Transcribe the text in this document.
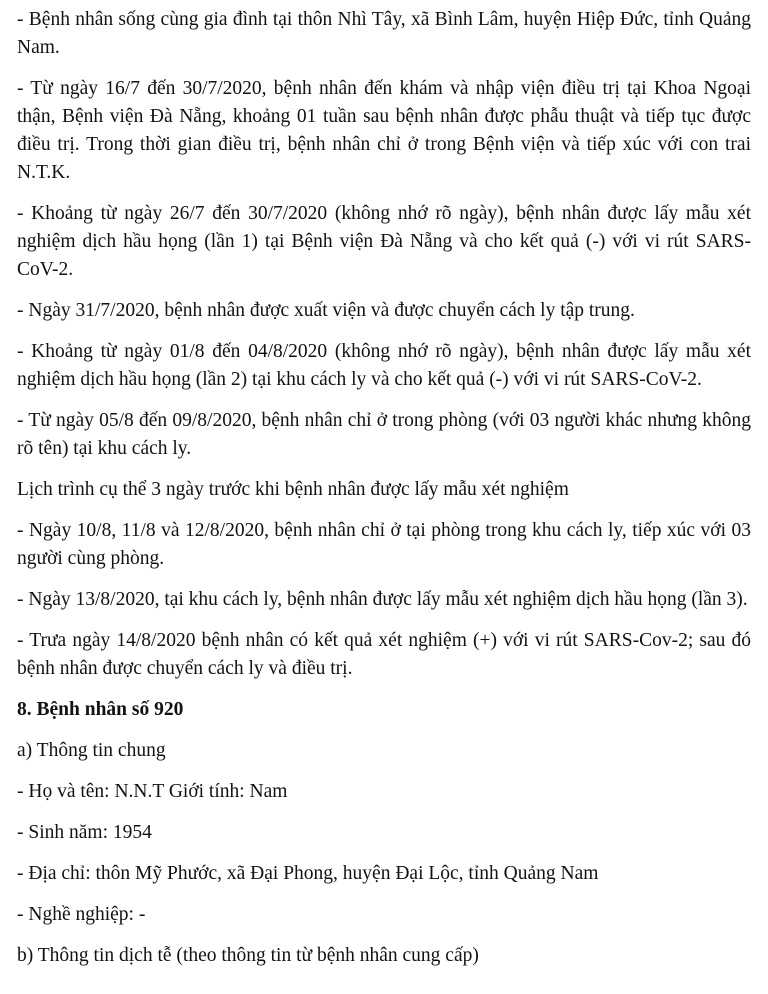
- Bệnh nhân sống cùng gia đình tại thôn Nhì Tây, xã Bình Lâm, huyện Hiệp Đức, tỉnh Quảng Nam.

- Từ ngày 16/7 đến 30/7/2020, bệnh nhân đến khám và nhập viện điều trị tại Khoa Ngoại thận, Bệnh viện Đà Nẵng, khoảng 01 tuần sau bệnh nhân được phẫu thuật và tiếp tục được điều trị. Trong thời gian điều trị, bệnh nhân chỉ ở trong Bệnh viện và tiếp xúc với con trai N.T.K.

- Khoảng từ ngày 26/7 đến 30/7/2020 (không nhớ rõ ngày), bệnh nhân được lấy mẫu xét nghiệm dịch hầu họng (lần 1) tại Bệnh viện Đà Nẵng và cho kết quả (-) với vi rút SARS-CoV-2.

- Ngày 31/7/2020, bệnh nhân được xuất viện và được chuyển cách ly tập trung.

- Khoảng từ ngày 01/8 đến 04/8/2020 (không nhớ rõ ngày), bệnh nhân được lấy mẫu xét nghiệm dịch hầu họng (lần 2) tại khu cách ly và cho kết quả (-) với vi rút SARS-CoV-2.

- Từ ngày 05/8 đến 09/8/2020, bệnh nhân chỉ ở trong phòng (với 03 người khác nhưng không rõ tên) tại khu cách ly.

Lịch trình cụ thể 3 ngày trước khi bệnh nhân được lấy mẫu xét nghiệm

- Ngày 10/8, 11/8 và 12/8/2020, bệnh nhân chỉ ở tại phòng trong khu cách ly, tiếp xúc với 03 người cùng phòng.

- Ngày 13/8/2020, tại khu cách ly, bệnh nhân được lấy mẫu xét nghiệm dịch hầu họng (lần 3).

- Trưa ngày 14/8/2020 bệnh nhân có kết quả xét nghiệm (+) với vi rút SARS-Cov-2; sau đó bệnh nhân được chuyển cách ly và điều trị.

8. Bệnh nhân số 920

a) Thông tin chung

- Họ và tên: N.N.T Giới tính: Nam

- Sinh năm: 1954

- Địa chỉ: thôn Mỹ Phước, xã Đại Phong, huyện Đại Lộc, tỉnh Quảng Nam

- Nghề nghiệp: -

b) Thông tin dịch tễ (theo thông tin từ bệnh nhân cung cấp)
